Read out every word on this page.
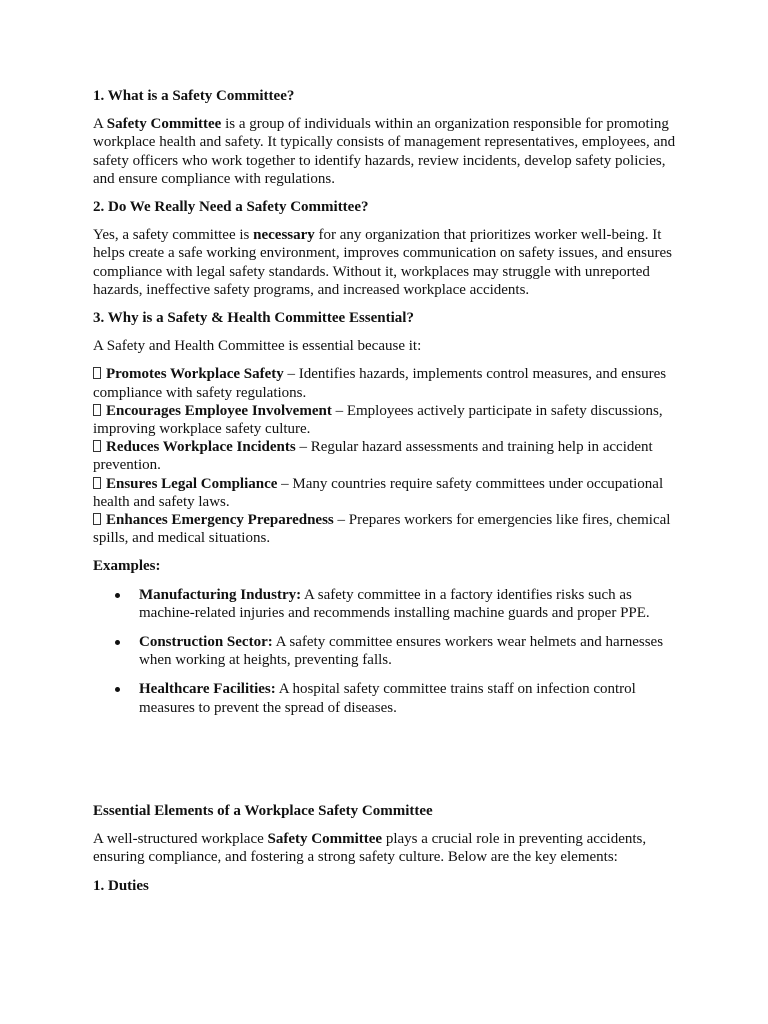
1. What is a Safety Committee?
A Safety Committee is a group of individuals within an organization responsible for promoting workplace health and safety. It typically consists of management representatives, employees, and safety officers who work together to identify hazards, review incidents, develop safety policies, and ensure compliance with regulations.
2. Do We Really Need a Safety Committee?
Yes, a safety committee is necessary for any organization that prioritizes worker well-being. It helps create a safe working environment, improves communication on safety issues, and ensures compliance with legal safety standards. Without it, workplaces may struggle with unreported hazards, ineffective safety programs, and increased workplace accidents.
3. Why is a Safety & Health Committee Essential?
A Safety and Health Committee is essential because it:
Promotes Workplace Safety – Identifies hazards, implements control measures, and ensures compliance with safety regulations.
Encourages Employee Involvement – Employees actively participate in safety discussions, improving workplace safety culture.
Reduces Workplace Incidents – Regular hazard assessments and training help in accident prevention.
Ensures Legal Compliance – Many countries require safety committees under occupational health and safety laws.
Enhances Emergency Preparedness – Prepares workers for emergencies like fires, chemical spills, and medical situations.
Examples:
Manufacturing Industry: A safety committee in a factory identifies risks such as machine-related injuries and recommends installing machine guards and proper PPE.
Construction Sector: A safety committee ensures workers wear helmets and harnesses when working at heights, preventing falls.
Healthcare Facilities: A hospital safety committee trains staff on infection control measures to prevent the spread of diseases.
Essential Elements of a Workplace Safety Committee
A well-structured workplace Safety Committee plays a crucial role in preventing accidents, ensuring compliance, and fostering a strong safety culture. Below are the key elements:
1. Duties
